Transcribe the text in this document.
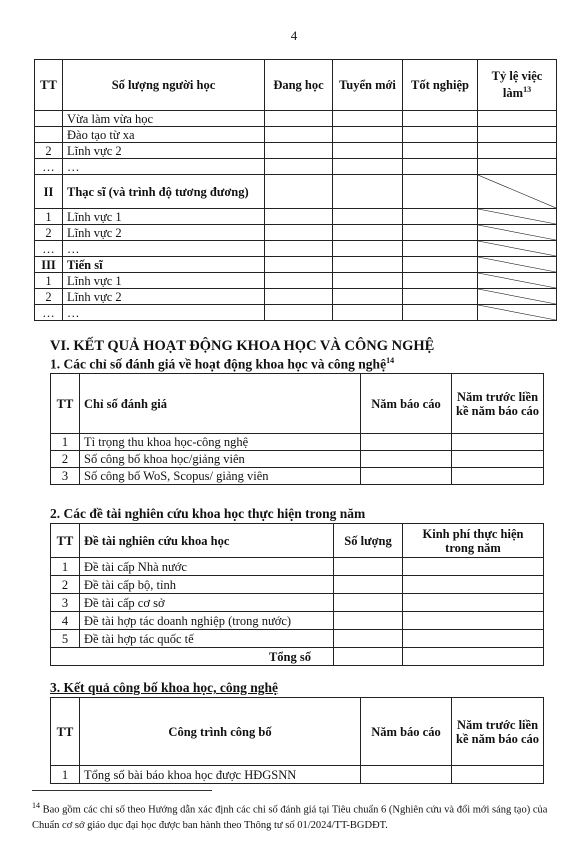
4
TT	Số lượng người học	Đang học	Tuyển mới	Tốt nghiệp	Tỷ lệ việc làm$^{13}$
	Vừa làm vừa học				
	Đào tạo từ xa				
2	Lĩnh vực 2				
…	…				
II	Thạc sĩ (và trình độ tương đương)				

1	Lĩnh vực 1				

2	Lĩnh vực 2				

…	…				

III	Tiến sĩ				

1	Lĩnh vực 1				

2	Lĩnh vực 2				

…	…				
VI. KẾT QUẢ HOẠT ĐỘNG KHOA HỌC VÀ CÔNG NGHỆ
1. Các chỉ số đánh giá về hoạt động khoa học và công nghệ$^{14}$
TT	Chỉ số đánh giá	Năm báo cáo	Năm trước liền kề năm báo cáo
1	Tỉ trọng thu khoa học-công nghệ		
2	Số công bố khoa học/giảng viên		
3	Số công bố WoS, Scopus/ giảng viên		
2. Các đề tài nghiên cứu khoa học thực hiện trong năm
TT	Đề tài nghiên cứu khoa học	Số lượng	Kinh phí thực hiện trong năm
1	Đề tài cấp Nhà nước		
2	Đề tài cấp bộ, tỉnh		
3	Đề tài cấp cơ sở		
4	Đề tài hợp tác doanh nghiệp (trong nước)		
5	Đề tài hợp tác quốc tế		
Tổng số			
3. Kết quả công bố khoa học, công nghệ
TT	Công trình công bố	Năm báo cáo	Năm trước liền kề năm báo cáo
1	Tổng số bài báo khoa học được HĐGSNN		
$^{14}$ Bao gồm các chỉ số theo Hướng dẫn xác định các chỉ số đánh giá tại Tiêu chuẩn 6 (Nghiên cứu và đổi mới sáng tạo) của Chuẩn cơ sở giáo dục đại học được ban hành theo Thông tư số 01/2024/TT-BGDĐT.
